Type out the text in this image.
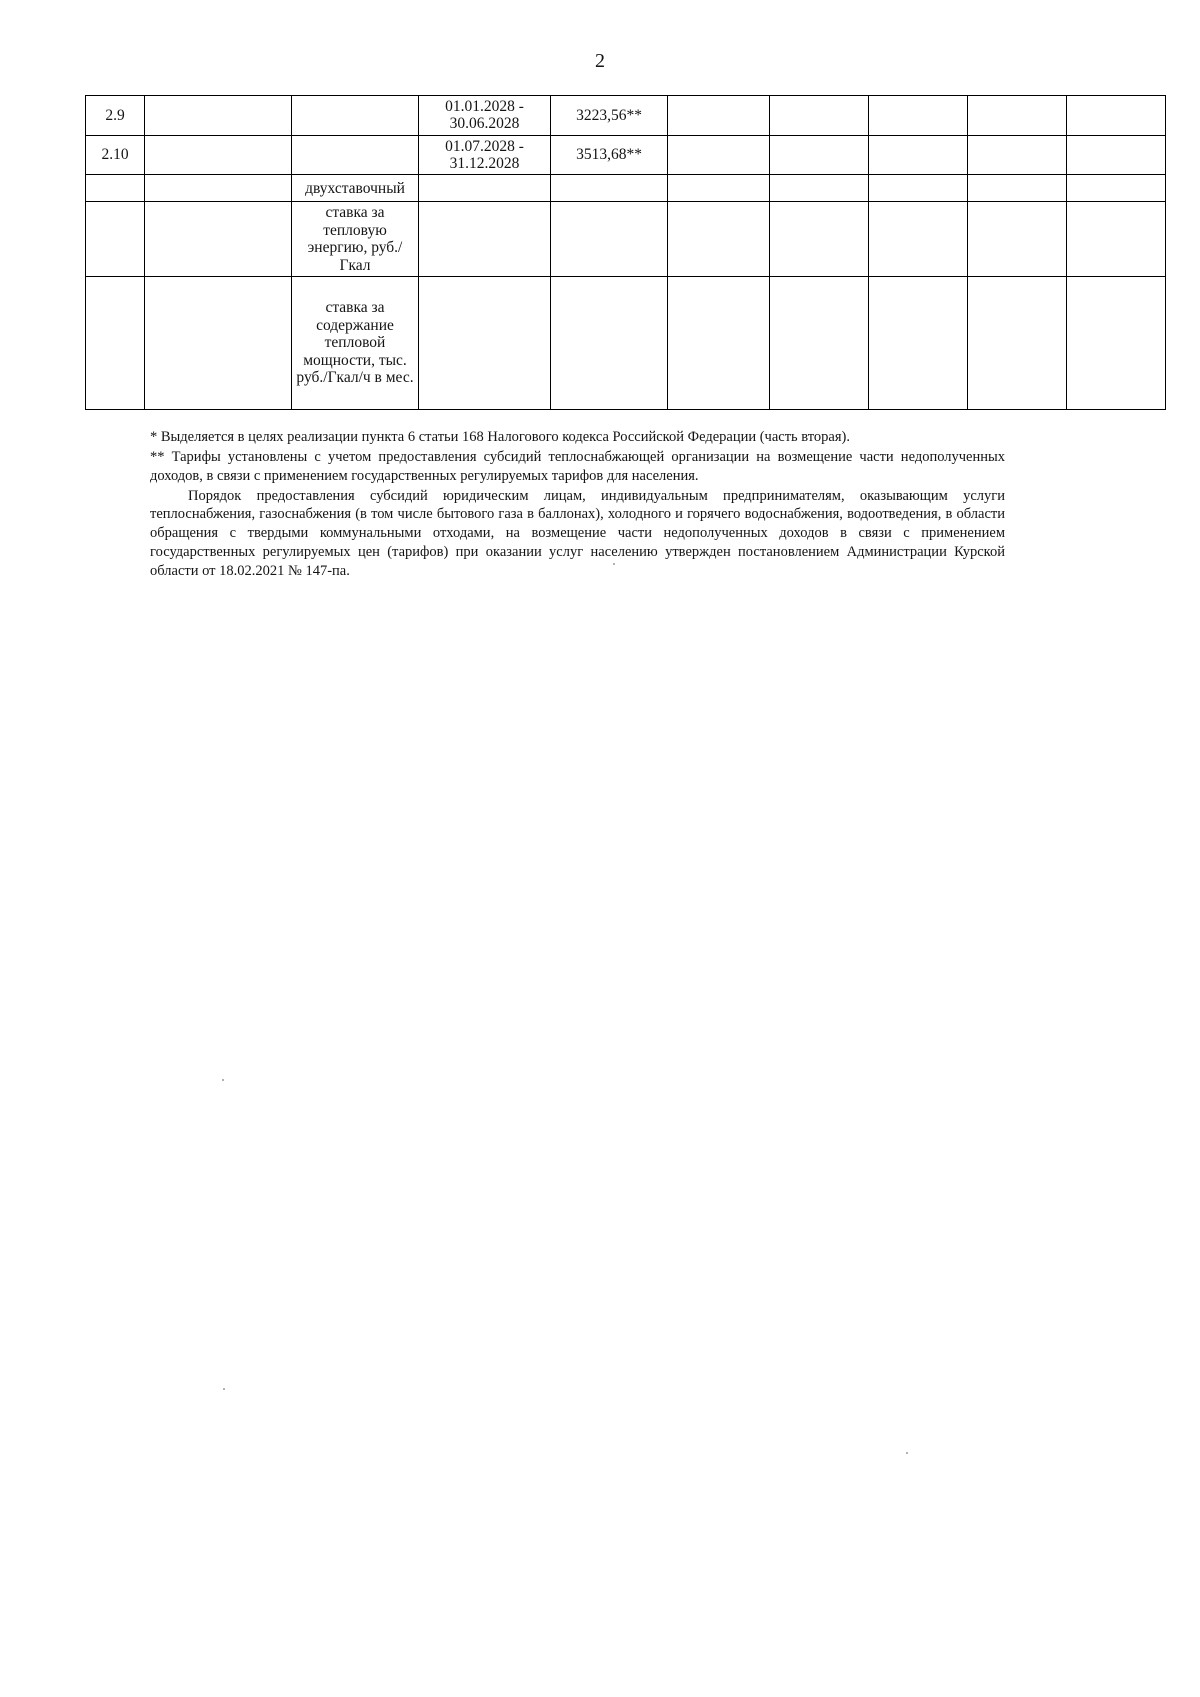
2
2.9			01.01.2028 - 30.06.2028	3223,56**					
2.10			01.07.2028 - 31.12.2028	3513,68**					
		двухставочный							
		ставка за тепловую энергию, руб./Гкал							
		ставка за содержание тепловой мощности, тыс. руб./Гкал/ч в мес.							

* Выделяется в целях реализации пункта 6 статьи 168 Налогового кодекса Российской Федерации (часть вторая).

** Тарифы установлены с учетом предоставления субсидий теплоснабжающей организации на возмещение части недополученных доходов, в связи с применением государственных регулируемых тарифов для населения.

Порядок предоставления субсидий юридическим лицам, индивидуальным предпринимателям, оказывающим услуги теплоснабжения, газоснабжения (в том числе бытового газа в баллонах), холодного и горячего водоснабжения, водоотведения, в области обращения с твердыми коммунальными отходами, на возмещение части недополученных доходов в связи с применением государственных регулируемых цен (тарифов) при оказании услуг населению утвержден постановлением Администрации Курской области от 18.02.2021 № 147-па.
